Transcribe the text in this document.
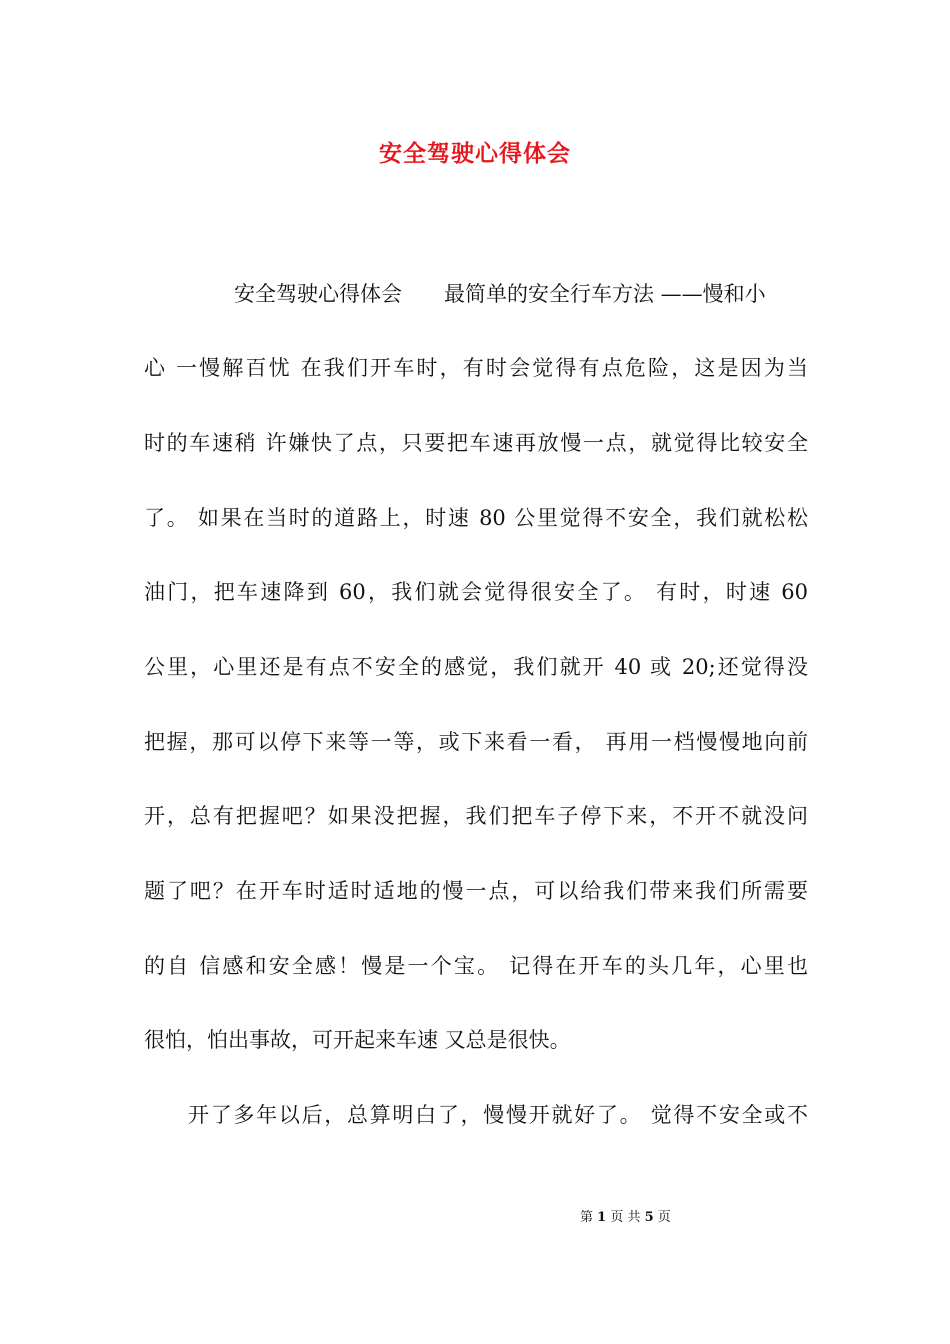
安全驾驶心得体会
安全驾驶心得体会　　最简单的安全行车方法 ——慢和小
心 一慢解百忧 在我们开车时，有时会觉得有点危险，这是因为当
时的车速稍 许嫌快了点，只要把车速再放慢一点，就觉得比较安全
了。 如果在当时的道路上，时速 80 公里觉得不安全，我们就松松
油门，把车速降到 60，我们就会觉得很安全了。 有时，时速 60
公里，心里还是有点不安全的感觉，我们就开 40 或 20;还觉得没
把握，那可以停下来等一等，或下来看一看， 再用一档慢慢地向前
开，总有把握吧？如果没把握，我们把车子停下来，不开不就没问
题了吧？在开车时适时适地的慢一点，可以给我们带来我们所需要
的自 信感和安全感！慢是一个宝。 记得在开车的头几年，心里也
很怕，怕出事故，可开起来车速 又总是很快。
开了多年以后，总算明白了，慢慢开就好了。 觉得不安全或不
第 1 页 共 5 页
